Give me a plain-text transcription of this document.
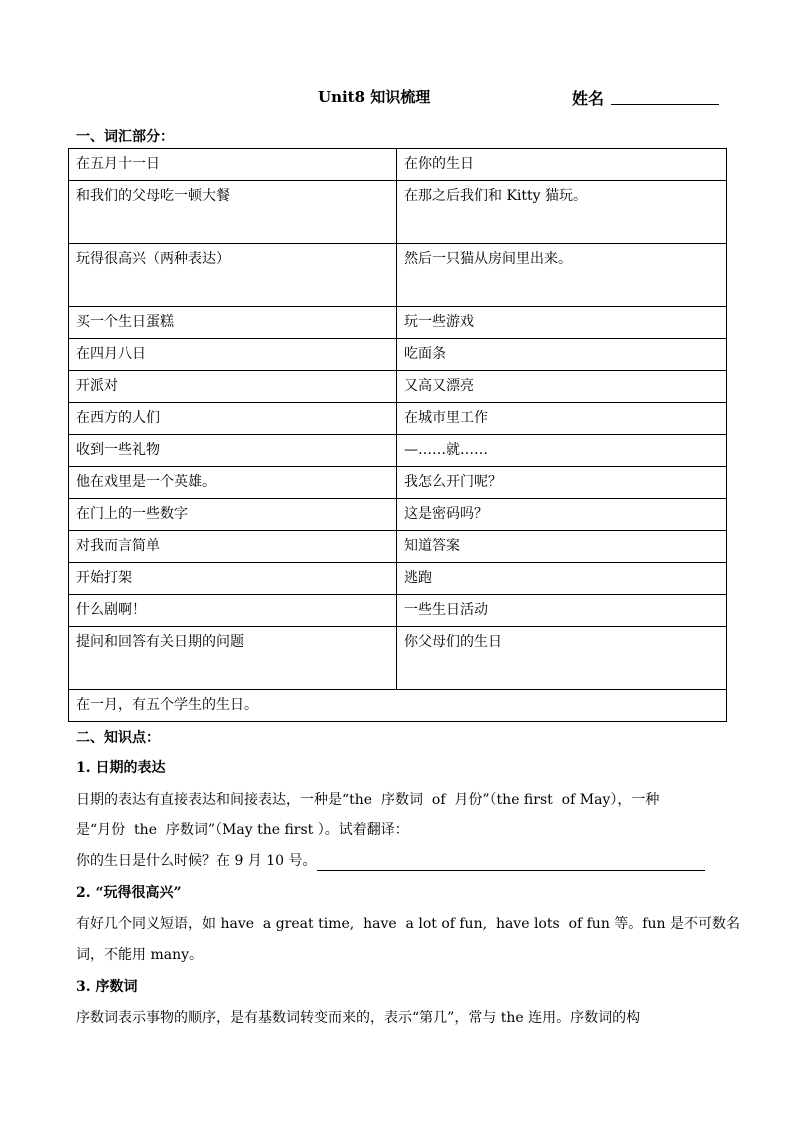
Unit8 知识梳理	姓名
一、词汇部分：
在五月十一日	在你的生日
和我们的父母吃一顿大餐	在那之后我们和 Kitty 猫玩。
玩得很高兴（两种表达）	然后一只猫从房间里出来。
买一个生日蛋糕	玩一些游戏
在四月八日	吃面条
开派对	又高又漂亮
在西方的人们	在城市里工作
收到一些礼物	—……就……
他在戏里是一个英雄。	我怎么开门呢？
在门上的一些数字	这是密码吗？
对我而言简单	知道答案
开始打架	逃跑
什么剧啊！	一些生日活动
提问和回答有关日期的问题	你父母们的生日
在一月，有五个学生的生日。	
二、知识点：
1. 日期的表达
日期的表达有直接表达和间接表达，一种是“the  序数词  of  月份”（the first  of May），一种
是“月份  the  序数词”（May the first ）。试着翻译：
你的生日是什么时候？在 9 月 10 号。
2. “玩得很高兴”
有好几个同义短语，如 have  a great time,  have  a lot of fun,  have lots  of fun 等。fun 是不可数名
词，不能用 many。
3. 序数词
序数词表示事物的顺序，是有基数词转变而来的，表示“第几”，常与 the 连用。序数词的构
